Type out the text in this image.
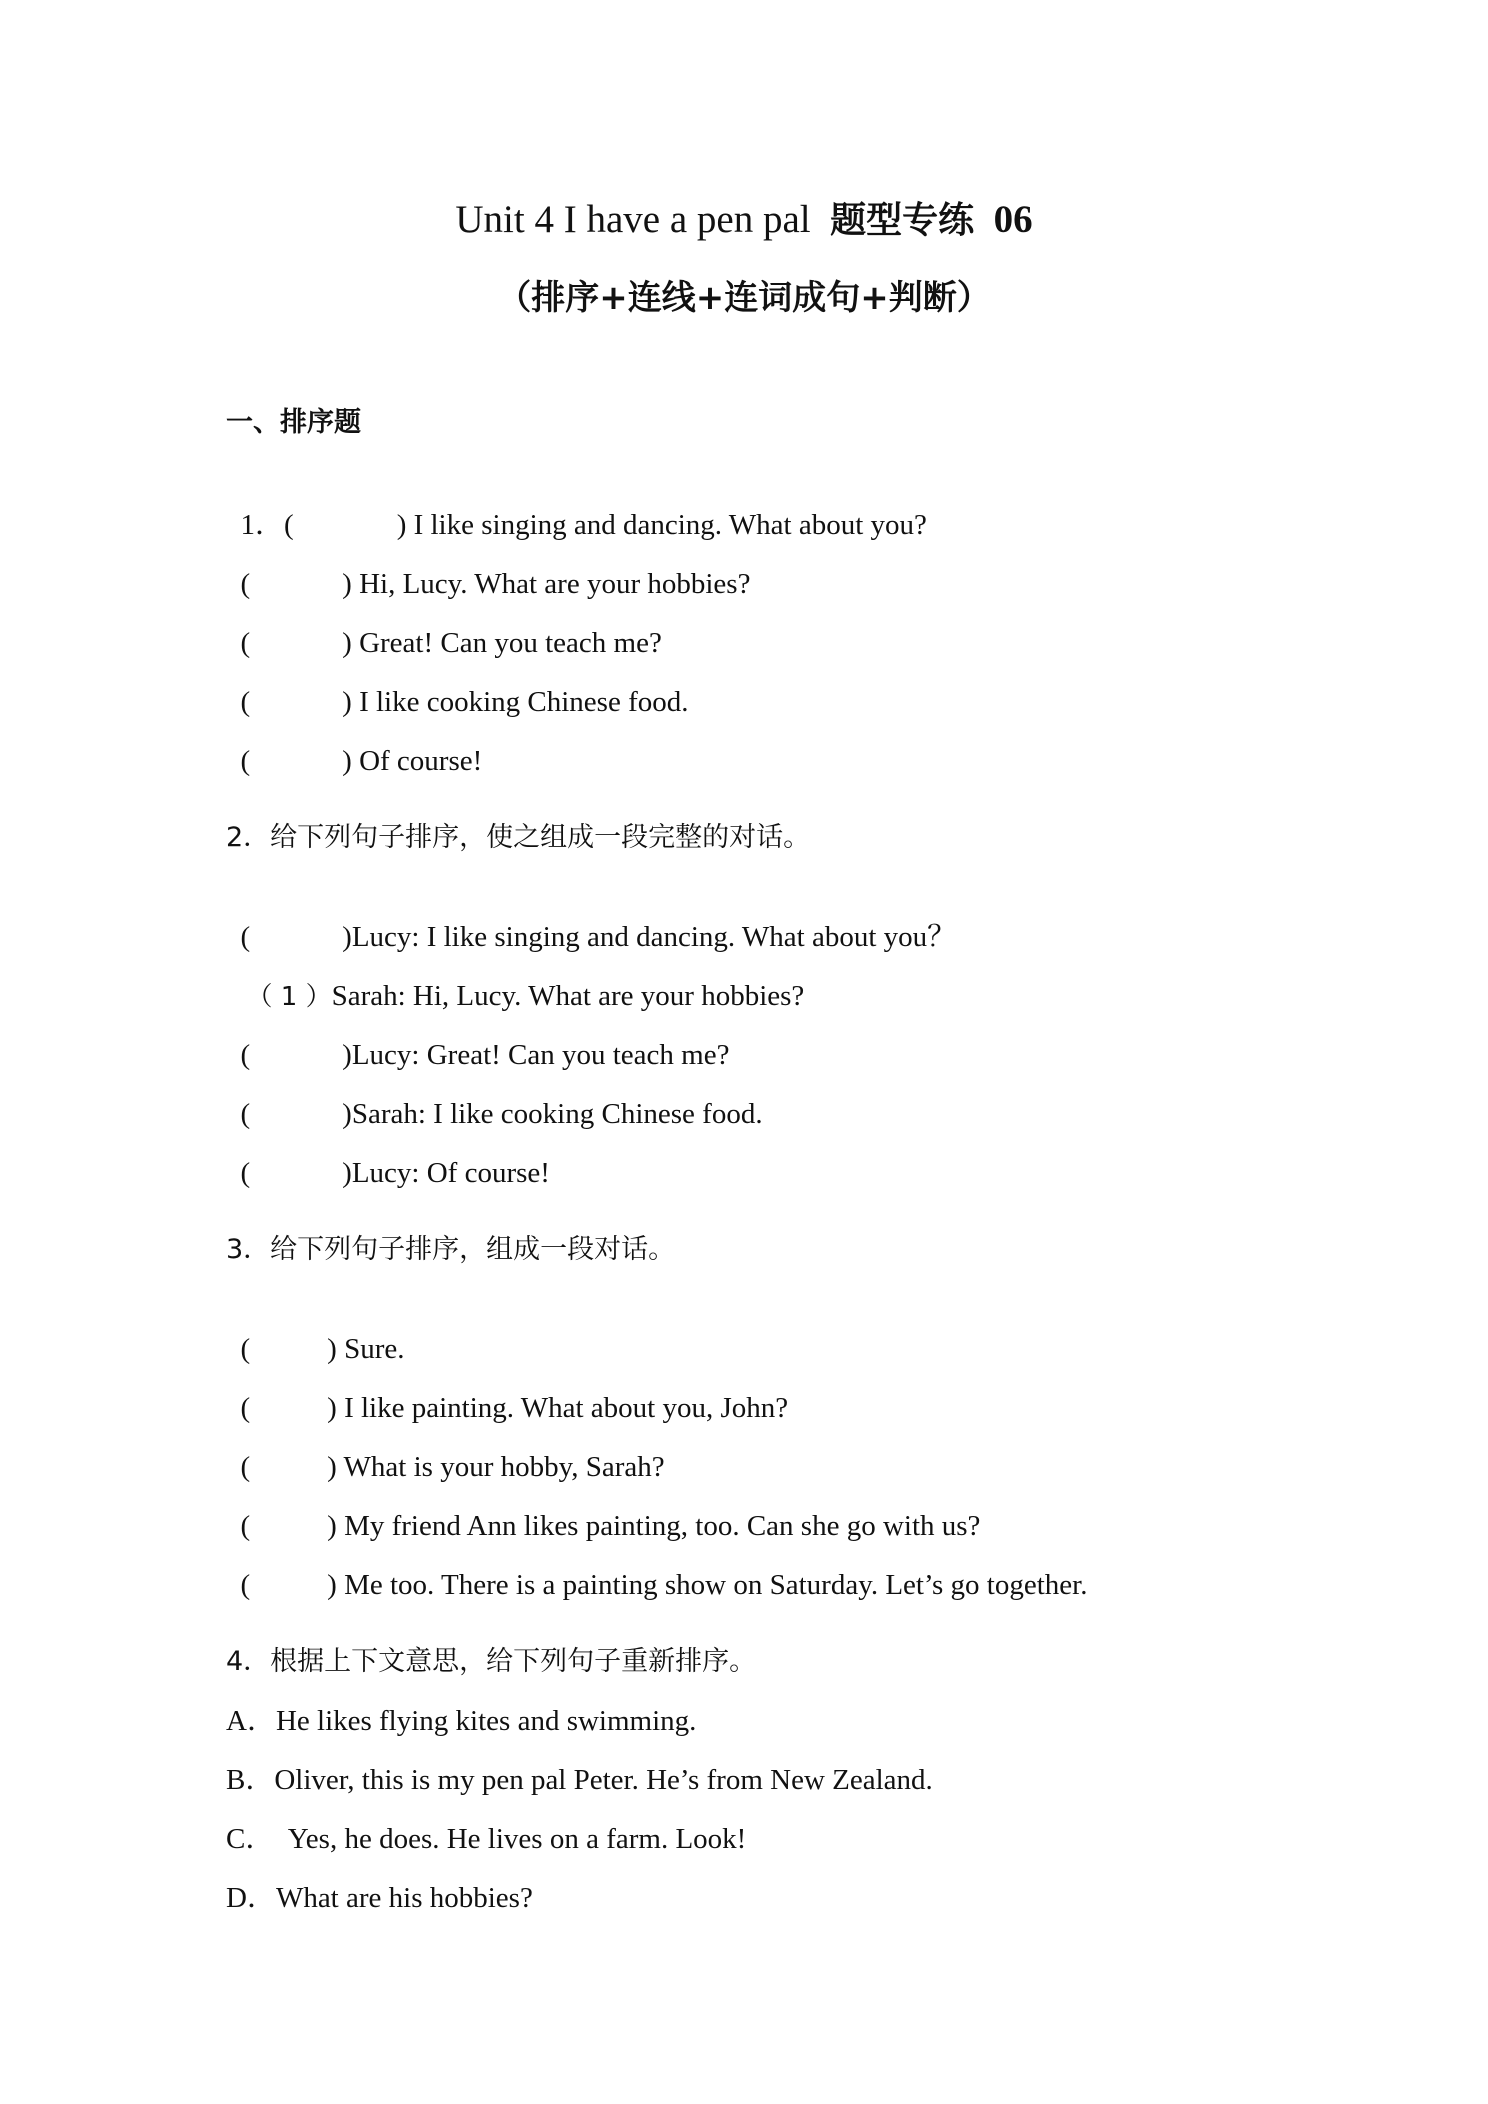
Unit 4 I have a pen pal 题型专练 06
（排序+连线+连词成句+判断）
一、排序题

1．(	) I like singing and dancing. What about you?

(	) Hi, Lucy. What are your hobbies?

(	) Great! Can you teach me?

(	) I like cooking Chinese food.

(	) Of course!

2．给下列句子排序，使之组成一段完整的对话。

(	)Lucy: I like singing and dancing. What about you？

（ 1 ）Sarah: Hi, Lucy. What are your hobbies?

(	)Lucy: Great! Can you teach me?

(	)Sarah: I like cooking Chinese food.

(	)Lucy: Of course!

3．给下列句子排序，组成一段对话。

(	) Sure.

(	) I like painting. What about you, John?

(	) What is your hobby, Sarah?

(	) My friend Ann likes painting, too. Can she go with us?

(	) Me too. There is a painting show on Saturday. Let’s go together.

4．根据上下文意思，给下列句子重新排序。
A．He likes flying kites and swimming.
B．Oliver, this is my pen pal Peter. He’s from New Zealand.
C．  Yes, he does. He lives on a farm. Look!
D．What are his hobbies?
